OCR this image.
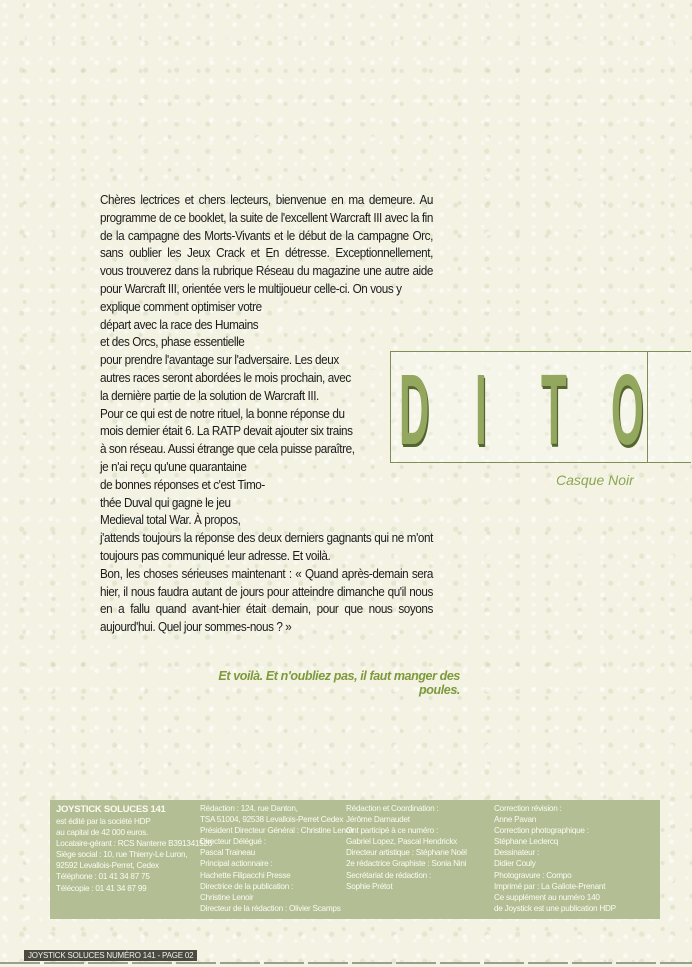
Chères lectrices et chers lecteurs, bienvenue en ma demeure. Au programme de ce booklet, la suite de l'excellent Warcraft III avec la fin de la campagne des Morts-Vivants et le début de la campagne Orc, sans oublier les Jeux Crack et En détresse. Exceptionnellement, vous trouverez dans la rubrique Réseau du magazine une autre aide pour Warcraft III, orientée vers le multijoueur celle-ci. On vous y

explique comment optimiser votre
départ avec la race des Humains
et des Orcs, phase essentielle
pour prendre l'avantage sur l'adversaire. Les deux
autres races seront abordées le mois prochain, avec
la dernière partie de la solution de Warcraft III.
Pour ce qui est de notre rituel, la bonne réponse du
mois dernier était 6. La RATP devait ajouter six trains
à son réseau. Aussi étrange que cela puisse paraître,
je n'ai reçu qu'une quarantaine
de bonnes réponses et c'est Timo-
thée Duval qui gagne le jeu
Medieval total War. À propos,

j'attends toujours la réponse des deux derniers gagnants qui ne m'ont toujours pas communiqué leur adresse. Et voilà.

Bon, les choses sérieuses maintenant : « Quand après-demain sera hier, il nous faudra autant de jours pour atteindre dimanche qu'il nous en a fallu quand avant-hier était demain, pour que nous soyons aujourd'hui. Quel jour sommes-nous ? »

Et voilà. Et n'oubliez pas, il faut manger des poules.
D I T O
Casque Noir
JOYSTICK SOLUCES 141
est édité par la société HDP
au capital de 42 000 euros.
Locataire-gérant : RCS Nanterre B391341526
Siège social : 10, rue Thierry-Le Luron,
92592 Levallois-Perret, Cedex
Téléphone : 01 41 34 87 75
Télécopie : 01 41 34 87 99
Rédaction : 124, rue Danton,
TSA 51004, 92538 Levallois-Perret Cedex
Président Directeur Général : Christine Lenoir
Directeur Délégué :
Pascal Traineau
Principal actionnaire :
Hachette Filipacchi Presse
Directrice de la publication :
Christine Lenoir
Directeur de la rédaction : Olivier Scamps
Rédaction et Coordination :
Jérôme Darnaudet
Ont participé à ce numéro :
Gabriel Lopez, Pascal Hendrickx
Directeur artistique : Stéphane Noël
2e rédactrice Graphiste : Sonia Nini
Secrétariat de rédaction :
Sophie Prétot
Correction révision :
Anne Pavan
Correction photographique :
Stéphane Leclercq
Dessinateur :
Didier Couly
Photogravure : Compo
Imprimé par : La Galiote-Prenant
Ce supplément au numéro 140
de Joystick est une publication HDP
JOYSTICK SOLUCES NUMÉRO 141 - PAGE 02
